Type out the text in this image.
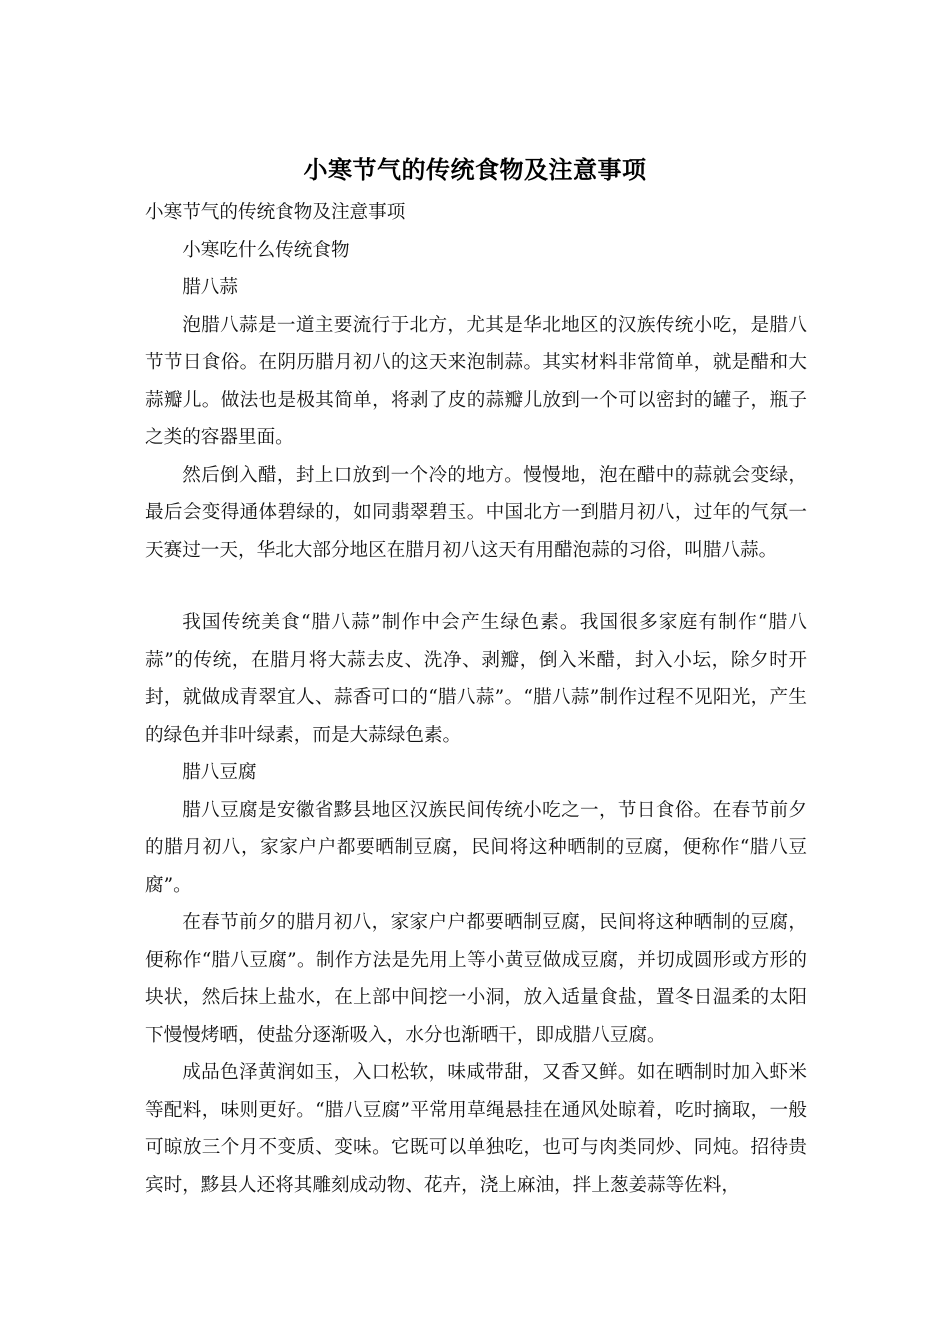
小寒节气的传统食物及注意事项

小寒节气的传统食物及注意事项

小寒吃什么传统食物

腊八蒜

泡腊八蒜是一道主要流行于北方，尤其是华北地区的汉族传统小吃，是腊八节节日食俗。在阴历腊月初八的这天来泡制蒜。其实材料非常简单，就是醋和大蒜瓣儿。做法也是极其简单，将剥了皮的蒜瓣儿放到一个可以密封的罐子，瓶子之类的容器里面。

然后倒入醋，封上口放到一个冷的地方。慢慢地，泡在醋中的蒜就会变绿，最后会变得通体碧绿的，如同翡翠碧玉。中国北方一到腊月初八，过年的气氛一天赛过一天，华北大部分地区在腊月初八这天有用醋泡蒜的习俗，叫腊八蒜。

我国传统美食“腊八蒜”制作中会产生绿色素。我国很多家庭有制作“腊八蒜”的传统，在腊月将大蒜去皮、洗净、剥瓣，倒入米醋，封入小坛，除夕时开封，就做成青翠宜人、蒜香可口的“腊八蒜”。“腊八蒜”制作过程不见阳光，产生的绿色并非叶绿素，而是大蒜绿色素。

腊八豆腐

腊八豆腐是安徽省黟县地区汉族民间传统小吃之一，节日食俗。在春节前夕的腊月初八，家家户户都要晒制豆腐，民间将这种晒制的豆腐，便称作“腊八豆腐”。

在春节前夕的腊月初八，家家户户都要晒制豆腐，民间将这种晒制的豆腐，便称作“腊八豆腐”。制作方法是先用上等小黄豆做成豆腐，并切成圆形或方形的块状，然后抹上盐水，在上部中间挖一小洞，放入适量食盐，置冬日温柔的太阳下慢慢烤晒，使盐分逐渐吸入，水分也渐晒干，即成腊八豆腐。

成品色泽黄润如玉，入口松软，味咸带甜，又香又鲜。如在晒制时加入虾米等配料，味则更好。“腊八豆腐”平常用草绳悬挂在通风处晾着，吃时摘取，一般可晾放三个月不变质、变味。它既可以单独吃，也可与肉类同炒、同炖。招待贵宾时，黟县人还将其雕刻成动物、花卉，浇上麻油，拌上葱姜蒜等佐料，
